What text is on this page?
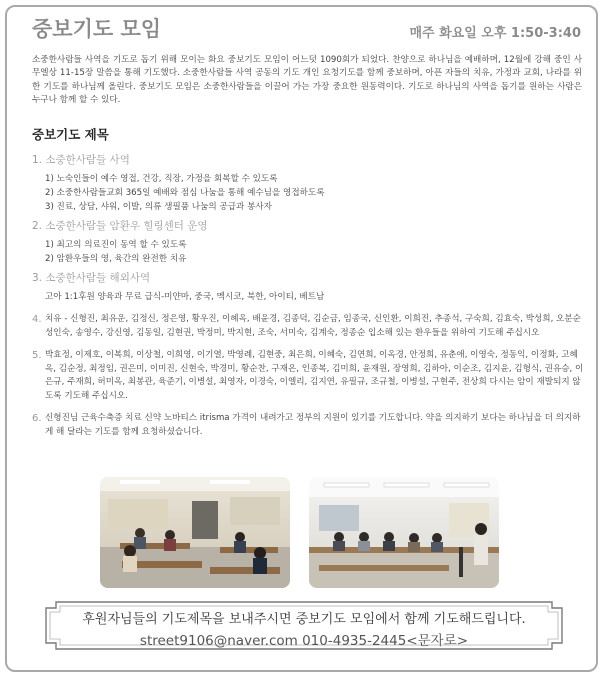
중보기도 모임	매주 화요일 오후 1:50-3:40
소중한사람들 사역을 기도로 돕기 위해 모이는 화요 중보기도 모임이 어느덧 1090회가 되었다. 찬양으로 하나님을 예배하며, 12월에 강해 중인 사무엘상 11-15장 말씀을 통해 기도했다. 소중한사람들 사역 공동의 기도 개인 요청기도를 함께 중보하며, 아픈 자들의 치유, 가정과 교회, 나라를 위한 기도를 하나님께 올린다. 중보기도 모임은 소중한사람들을 이끌어 가는 가장 중요한 원동력이다. 기도로 하나님의 사역을 돕기를 원하는 사람은 누구나 함께 할 수 있다.
중보기도 제목
1. 소중한사람들 사역
1) 노숙인들이 예수 영접, 건강, 직장, 가정을 회복할 수 있도록
2) 소중한사람들교회 365일 예배와 점심 나눔을 통해 예수님을 영접하도록
3) 진료, 상담, 샤워, 이발, 의류 생필품 나눔의 공급과 봉사자
2. 소중한사람들 암환우 힐링센터 운영
1) 최고의 의료진이 동역 할 수 있도록
2) 암환우들의 영, 육간의 완전한 치유
3. 소중한사람들 해외사역
고아 1:1후원 양육과 무료 급식-미얀마, 중국, 멕시코, 북한, 아이티, 베트남
4. 치유 - 신형진, 최유운, 김정신, 정은영, 황우진, 이혜옥, 배윤경, 김종덕, 김순금, 임종국, 신인환, 이희진, 추종석, 구숙희, 김효숙, 박성희, 오분순 성인숙, 송영수, 강신영, 김동일, 김현권, 박정미, 박지현, 조숙, 서미숙, 김계숙, 정종순 입소해 있는 환우들을 위하여 기도해 주십시오
5. 박효정, 이제호, 이복희, 이상철, 이희영, 이기열, 박영례, 김현중, 최은희, 이혜숙, 김연희, 이옥경, 안정희, 유춘애, 이영숙, 정동익, 이정화, 고혜옥, 김순정, 최정임, 권은미, 이미진, 신현숙, 박경미, 황순찬, 구재온, 인종복, 김미희, 윤재원, 장영희, 김하아, 이순조, 김지윤, 김형식, 권유승, 이은규, 주재희, 허미옥, 최봉관, 육준기, 이병설, 최영자, 이경숙, 이엘리, 김지연, 유필규, 조규철, 이병설, 구현주, 전상희 다시는 암이 재발되지 않도록 기도해 주십시오.
6. 신형진님 근육수축증 치료 신약 노바티스 itrisma 가격이 내려가고 정부의 지원이 있기를 기도합니다. 약을 의지하기 보다는 하나님을 더 의지하게 해 달라는 기도를 함께 요청하셨습니다.
후원자님들의 기도제목을 보내주시면 중보기도 모임에서 함께 기도해드립니다.
street9106@naver.com 010-4935-2445<문자로>
